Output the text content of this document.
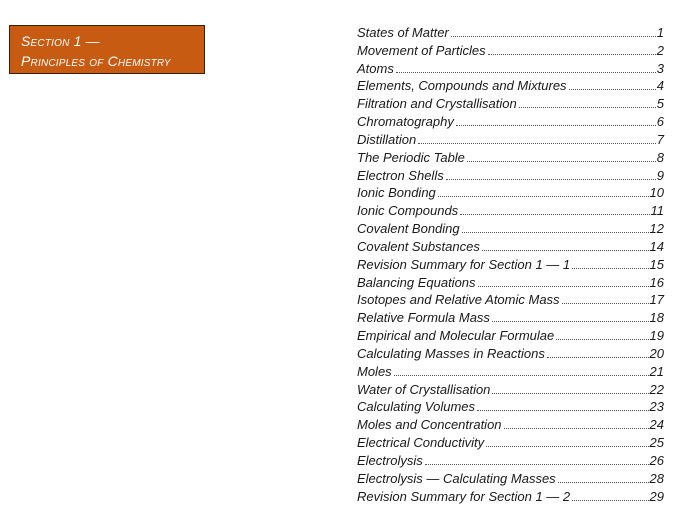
Section 1 —
Principles of Chemistry
States of Matter	1
Movement of Particles	2
Atoms	3
Elements, Compounds and Mixtures	4
Filtration and Crystallisation	5
Chromatography	6
Distillation	7
The Periodic Table	8
Electron Shells	9
Ionic Bonding	10
Ionic Compounds	11
Covalent Bonding	12
Covalent Substances	14
Revision Summary for Section 1 — 1	15
Balancing Equations	16
Isotopes and Relative Atomic Mass	17
Relative Formula Mass	18
Empirical and Molecular Formulae	19
Calculating Masses in Reactions	20
Moles	21
Water of Crystallisation	22
Calculating Volumes	23
Moles and Concentration	24
Electrical Conductivity	25
Electrolysis	26
Electrolysis — Calculating Masses	28
Revision Summary for Section 1 — 2	29
